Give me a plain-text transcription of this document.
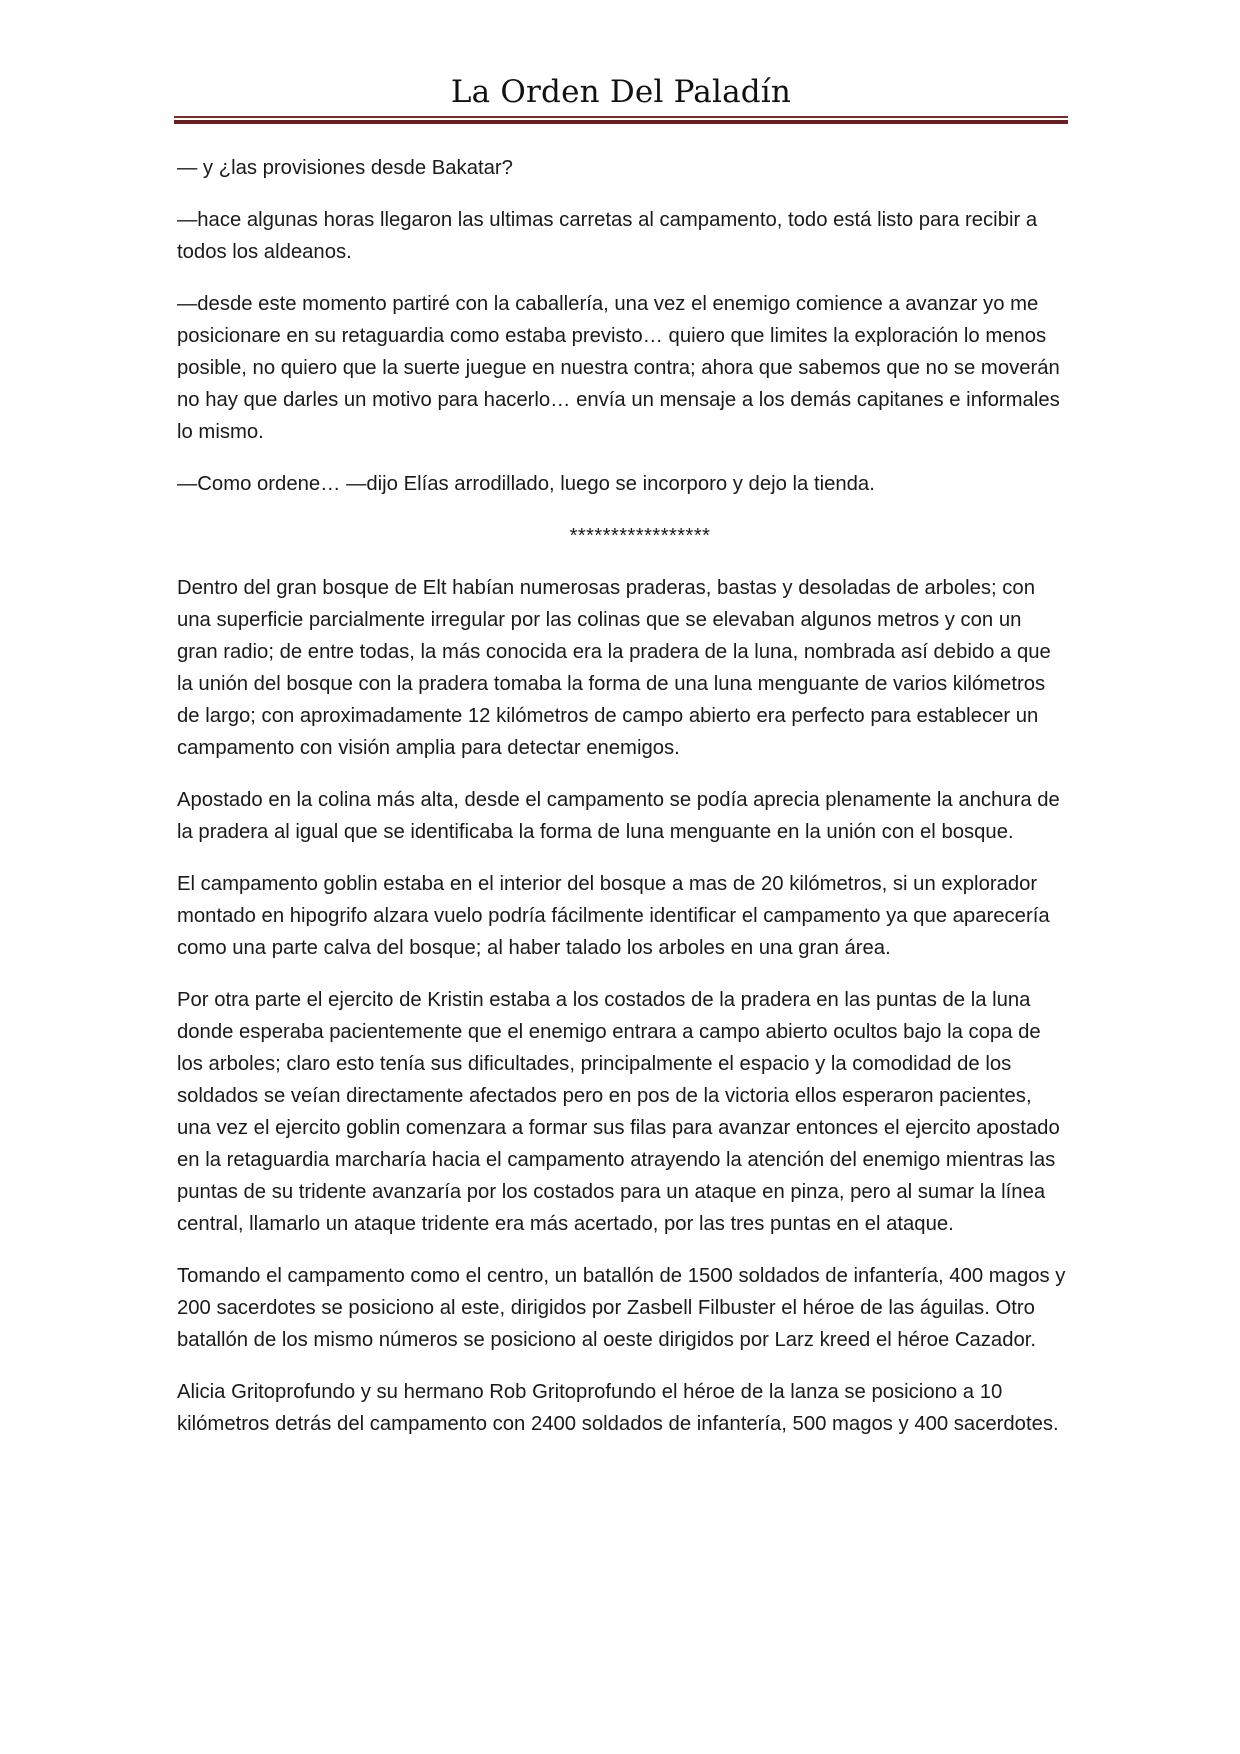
La Orden Del Paladín

— y ¿las provisiones desde Bakatar?

—hace algunas horas llegaron las ultimas carretas al campamento, todo está listo para recibir a todos los aldeanos.

—desde este momento partiré con la caballería, una vez el enemigo comience a avanzar yo me posicionare en su retaguardia como estaba previsto… quiero que limites la exploración lo menos posible, no quiero que la suerte juegue en nuestra contra; ahora que sabemos que no se moverán no hay que darles un motivo para hacerlo… envía un mensaje a los demás capitanes e informales lo mismo.

—Como ordene… —dijo Elías arrodillado, luego se incorporo y dejo la tienda.

*****************

Dentro del gran bosque de Elt habían numerosas praderas, bastas y desoladas de arboles; con una superficie parcialmente irregular por las colinas que se elevaban algunos metros y con un gran radio; de entre todas, la más conocida era la pradera de la luna, nombrada así debido a que la unión del bosque con la pradera tomaba la forma de una luna menguante de varios kilómetros de largo; con aproximadamente 12 kilómetros de campo abierto era perfecto para establecer un campamento con visión amplia para detectar enemigos.

Apostado en la colina más alta, desde el campamento se podía aprecia plenamente la anchura de la pradera al igual que se identificaba la forma de luna menguante en la unión con el bosque.

El campamento goblin estaba en el interior del bosque a mas de 20 kilómetros, si un explorador montado en hipogrifo alzara vuelo podría fácilmente identificar el campamento ya que aparecería como una parte calva del bosque; al haber talado los arboles en una gran área.

Por otra parte el ejercito de Kristin estaba a los costados de la pradera en las puntas de la luna donde esperaba pacientemente que el enemigo entrara a campo abierto ocultos bajo la copa de los arboles; claro esto tenía sus dificultades, principalmente el espacio y la comodidad de los soldados se veían directamente afectados pero en pos de la victoria ellos esperaron pacientes, una vez el ejercito goblin comenzara a formar sus filas para avanzar entonces el ejercito apostado en la retaguardia marcharía hacia el campamento atrayendo la atención del enemigo mientras las puntas de su tridente avanzaría por los costados para un ataque en pinza, pero al sumar la línea central, llamarlo un ataque tridente era más acertado, por las tres puntas en el ataque.

Tomando el campamento como el centro, un batallón de 1500 soldados de infantería, 400 magos y 200 sacerdotes se posiciono al este, dirigidos por Zasbell Filbuster el héroe de las águilas. Otro batallón de los mismo números se posiciono al oeste dirigidos por Larz kreed el héroe Cazador.

Alicia Gritoprofundo y su hermano Rob Gritoprofundo el héroe de la lanza se posiciono a 10 kilómetros detrás del campamento con 2400 soldados de infantería, 500 magos y 400 sacerdotes.
